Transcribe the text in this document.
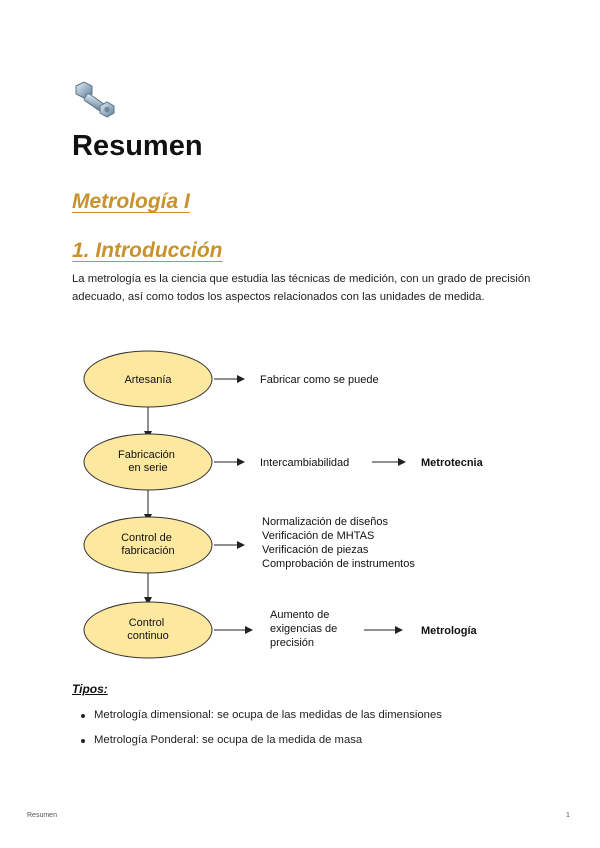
Resumen
Metrología I
1. Introducción

La metrología es la ciencia que estudia las técnicas de medición, con un grado de precisión adecuado, así como todos los aspectos relacionados con las unidades de medida.

Artesanía	Fabricar como se puede
Fabricación en serie	Intercambiabilidad	Metrotecnia
Control de fabricación
Normalización de diseños Verificación de MHTAS Verificación de piezas Comprobación de instrumentos
Control continuo
Aumento de exigencias de precisión
Metrología

Tipos:

Metrología dimensional: se ocupa de las medidas de las dimensiones
Metrología Ponderal: se ocupa de la medida de masa
Resumen	1
